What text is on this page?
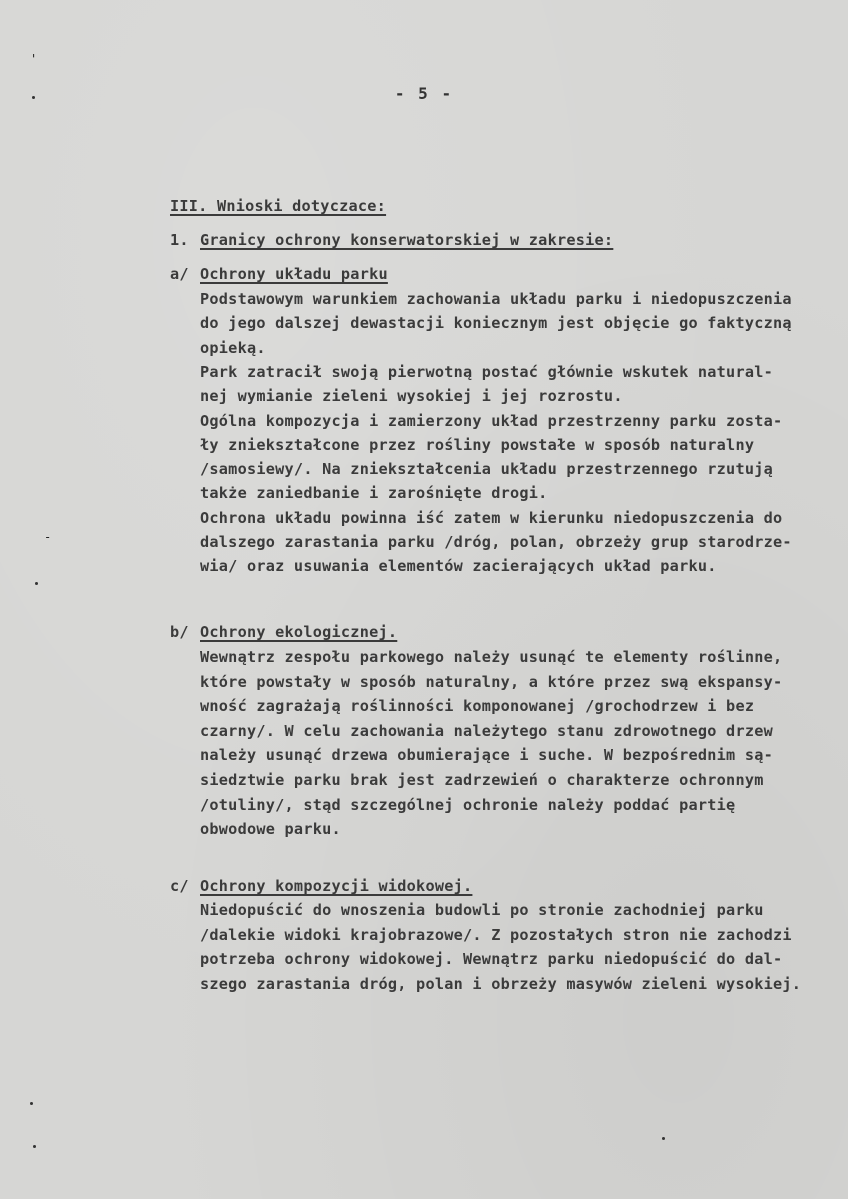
'
-
- 5 -
III. Wnioski dotyczace:
1. Granicy ochrony konserwatorskiej w zakresie:
a/ Ochrony układu parku
Podstawowym warunkiem zachowania układu parku i niedopuszczenia
do jego dalszej dewastacji koniecznym jest objęcie go faktyczną
opieką.
Park zatracił swoją pierwotną postać głównie wskutek natural-
nej wymianie zieleni wysokiej i jej rozrostu.
Ogólna kompozycja i zamierzony układ przestrzenny parku zosta-
ły zniekształcone przez rośliny powstałe w sposób naturalny
/samosiewy/. Na zniekształcenia układu przestrzennego rzutują
także zaniedbanie i zarośnięte drogi.
Ochrona układu powinna iść zatem w kierunku niedopuszczenia do
dalszego zarastania parku /dróg, polan, obrzeży grup starodrze-
wia/ oraz usuwania elementów zacierających układ parku.
b/ Ochrony ekologicznej.
Wewnątrz zespołu parkowego należy usunąć te elementy roślinne,
które powstały w sposób naturalny, a które przez swą ekspansy-
wność zagrażają roślinności komponowanej /grochodrzew i bez
czarny/. W celu zachowania należytego stanu zdrowotnego drzew
należy usunąć drzewa obumierające i suche. W bezpośrednim są-
siedztwie parku brak jest zadrzewień o charakterze ochronnym
/otuliny/, stąd szczególnej ochronie należy poddać partię
obwodowe parku.
c/ Ochrony kompozycji widokowej.
Niedopuścić do wnoszenia budowli po stronie zachodniej parku
/dalekie widoki krajobrazowe/. Z pozostałych stron nie zachodzi
potrzeba ochrony widokowej. Wewnątrz parku niedopuścić do dal-
szego zarastania dróg, polan i obrzeży masywów zieleni wysokiej.
